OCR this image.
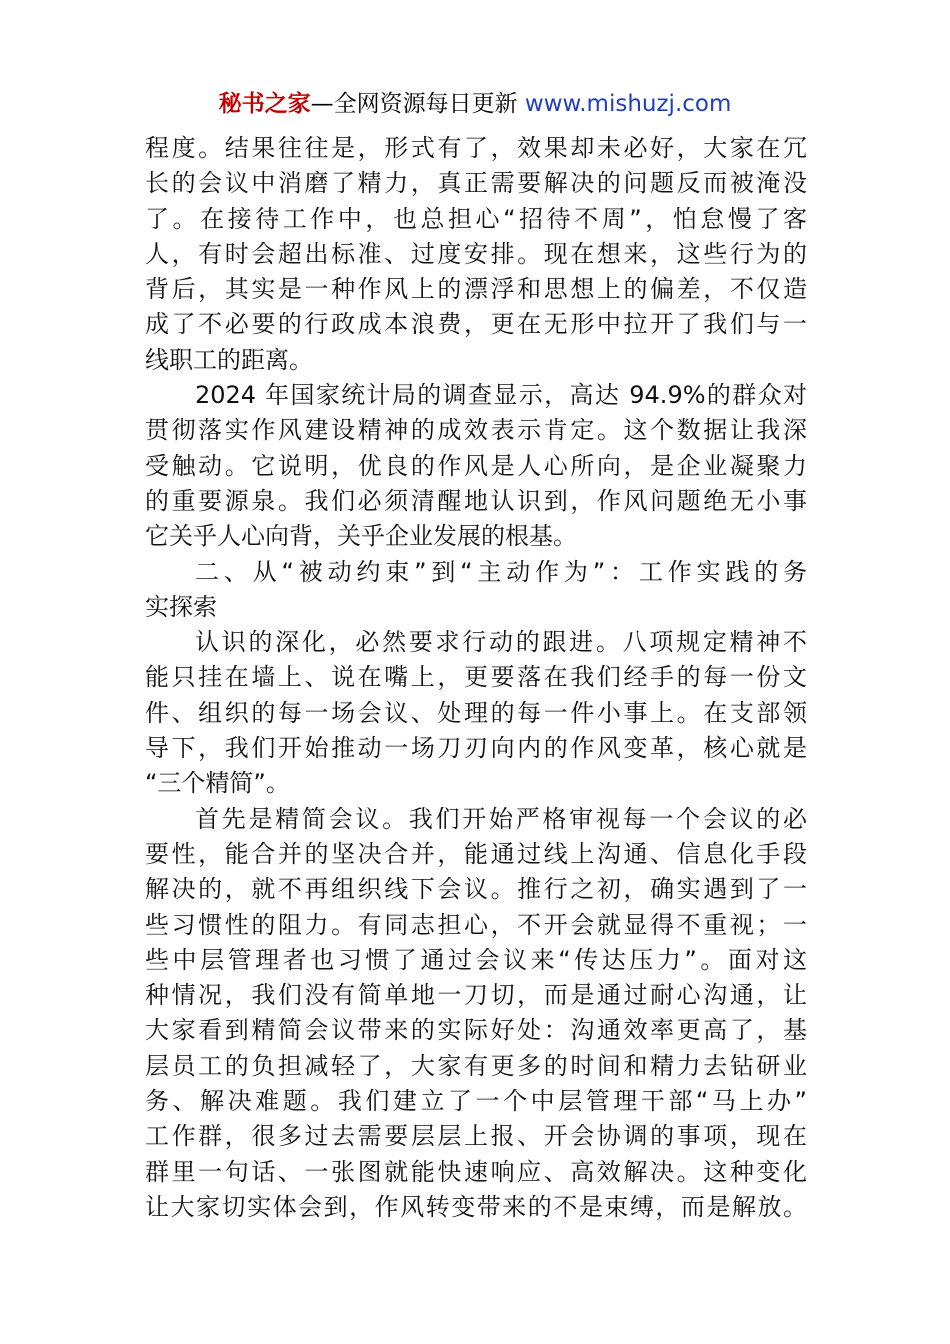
秘书之家—全网资源每日更新 www.mishuzj.com
程度。结果往往是，形式有了，效果却未必好，大家在冗
长的会议中消磨了精力，真正需要解决的问题反而被淹没
了。在接待工作中，也总担心“招待不周”，怕怠慢了客
人，有时会超出标准、过度安排。现在想来，这些行为的
背后，其实是一种作风上的漂浮和思想上的偏差，不仅造
成了不必要的行政成本浪费，更在无形中拉开了我们与一
线职工的距离。
2024 年国家统计局的调查显示，高达 94.9%的群众对
贯彻落实作风建设精神的成效表示肯定。这个数据让我深
受触动。它说明，优良的作风是人心所向，是企业凝聚力
的重要源泉。我们必须清醒地认识到，作风问题绝无小事
它关乎人心向背，关乎企业发展的根基。
二、从“被动约束”到“主动作为”：工作实践的务
实探索
认识的深化，必然要求行动的跟进。八项规定精神不
能只挂在墙上、说在嘴上，更要落在我们经手的每一份文
件、组织的每一场会议、处理的每一件小事上。在支部领
导下，我们开始推动一场刀刃向内的作风变革，核心就是
“三个精简”。
首先是精简会议。我们开始严格审视每一个会议的必
要性，能合并的坚决合并，能通过线上沟通、信息化手段
解决的，就不再组织线下会议。推行之初，确实遇到了一
些习惯性的阻力。有同志担心，不开会就显得不重视；一
些中层管理者也习惯了通过会议来“传达压力”。面对这
种情况，我们没有简单地一刀切，而是通过耐心沟通，让
大家看到精简会议带来的实际好处：沟通效率更高了，基
层员工的负担减轻了，大家有更多的时间和精力去钻研业
务、解决难题。我们建立了一个中层管理干部“马上办”
工作群，很多过去需要层层上报、开会协调的事项，现在
群里一句话、一张图就能快速响应、高效解决。这种变化
让大家切实体会到，作风转变带来的不是束缚，而是解放。
